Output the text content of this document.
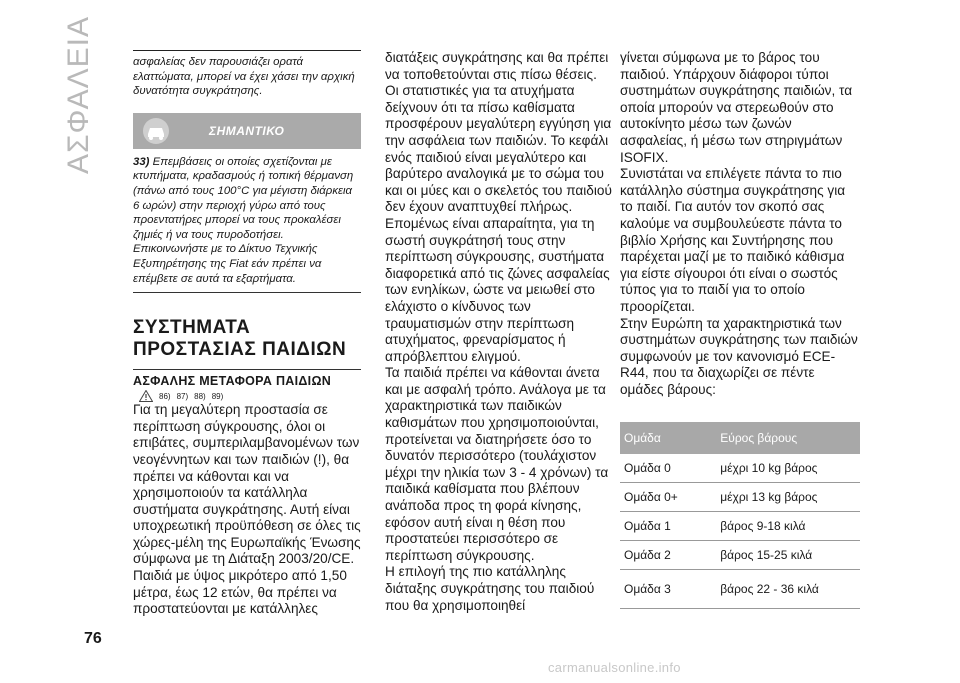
ΑΣΦΑΛΕΙΑ	ασφαλείας δεν παρουσιάζει ορατά ελαττώματα, μπορεί να έχει χάσει την αρχική δυνατότητα συγκράτησης.
ΣΗΜΑΝΤΙΚΟ
33) Επεμβάσεις οι οποίες σχετίζονται με κτυπήματα, κραδασμούς ή τοπική θέρμανση (πάνω από τους 100°C για μέγιστη διάρκεια 6 ωρών) στην περιοχή γύρω από τους προεντατήρες μπορεί να τους προκαλέσει ζημιές ή να τους πυροδοτήσει. Επικοινωνήστε με το Δίκτυο Τεχνικής Εξυπηρέτησης της Fiat εάν πρέπει να επέμβετε σε αυτά τα εξαρτήματα.
ΣΥΣΤΗΜΑΤΑ ΠΡΟΣΤΑΣΙΑΣ ΠΑΙΔΙΩΝ
ΑΣΦΑΛΗΣ ΜΕΤΑΦΟΡΑ ΠΑΙΔΙΩΝ
86) 87) 88) 89)

Για τη μεγαλύτερη προστασία σε περίπτωση σύγκρουσης, όλοι οι επιβάτες, συμπεριλαμβανομένων των νεογέννητων και των παιδιών (!), θα πρέπει να κάθονται και να χρησιμοποιούν τα κατάλληλα συστήματα συγκράτησης. Αυτή είναι υποχρεωτική προϋπόθεση σε όλες τις χώρες-μέλη της Ευρωπαϊκής Ένωσης σύμφωνα με τη Διάταξη 2003/20/CE.

Παιδιά με ύψος μικρότερο από 1,50 μέτρα, έως 12 ετών, θα πρέπει να προστατεύονται με κατάλληλες

διατάξεις συγκράτησης και θα πρέπει να τοποθετούνται στις πίσω θέσεις.

Οι στατιστικές για τα ατυχήματα δείχνουν ότι τα πίσω καθίσματα προσφέρουν μεγαλύτερη εγγύηση για την ασφάλεια των παιδιών. Το κεφάλι ενός παιδιού είναι μεγαλύτερο και βαρύτερο αναλογικά με το σώμα του και οι μύες και ο σκελετός του παιδιού δεν έχουν αναπτυχθεί πλήρως. Επομένως είναι απαραίτητα, για τη σωστή συγκράτησή τους στην περίπτωση σύγκρουσης, συστήματα διαφορετικά από τις ζώνες ασφαλείας των ενηλίκων, ώστε να μειωθεί στο ελάχιστο ο κίνδυνος των τραυματισμών στην περίπτωση ατυχήματος, φρεναρίσματος ή απρόβλεπτου ελιγμού.

Τα παιδιά πρέπει να κάθονται άνετα και με ασφαλή τρόπο. Ανάλογα με τα χαρακτηριστικά των παιδικών καθισμάτων που χρησιμοποιούνται, προτείνεται να διατηρήσετε όσο το δυνατόν περισσότερο (τουλάχιστον μέχρι την ηλικία των 3 - 4 χρόνων) τα παιδικά καθίσματα που βλέπουν ανάποδα προς τη φορά κίνησης, εφόσον αυτή είναι η θέση που προστατεύει περισσότερο σε περίπτωση σύγκρουσης.

Η επιλογή της πιο κατάλληλης διάταξης συγκράτησης του παιδιού που θα χρησιμοποιηθεί

γίνεται σύμφωνα με το βάρος του παιδιού. Υπάρχουν διάφοροι τύποι συστημάτων συγκράτησης παιδιών, τα οποία μπορούν να στερεωθούν στο αυτοκίνητο μέσω των ζωνών ασφαλείας, ή μέσω των στηριγμάτων ISOFIX.

Συνιστάται να επιλέγετε πάντα το πιο κατάλληλο σύστημα συγκράτησης για το παιδί. Για αυτόν τον σκοπό σας καλούμε να συμβουλεύεστε πάντα το βιβλίο Χρήσης και Συντήρησης που παρέχεται μαζί με το παιδικό κάθισμα για είστε σίγουροι ότι είναι ο σωστός τύπος για το παιδί για το οποίο προορίζεται.

Στην Ευρώπη τα χαρακτηριστικά των συστημάτων συγκράτησης των παιδιών συμφωνούν με τον κανονισμό ECE-R44, που τα διαχωρίζει σε πέντε ομάδες βάρους:

Ομάδα	Εύρος βάρους
Ομάδα 0	μέχρι 10 kg βάρος
Ομάδα 0+	μέχρι 13 kg βάρος
Ομάδα 1	βάρος 9-18 κιλά
Ομάδα 2	βάρος 15-25 κιλά
Ομάδα 3	βάρος 22 - 36 κιλά
76
carmanualsonline.info
